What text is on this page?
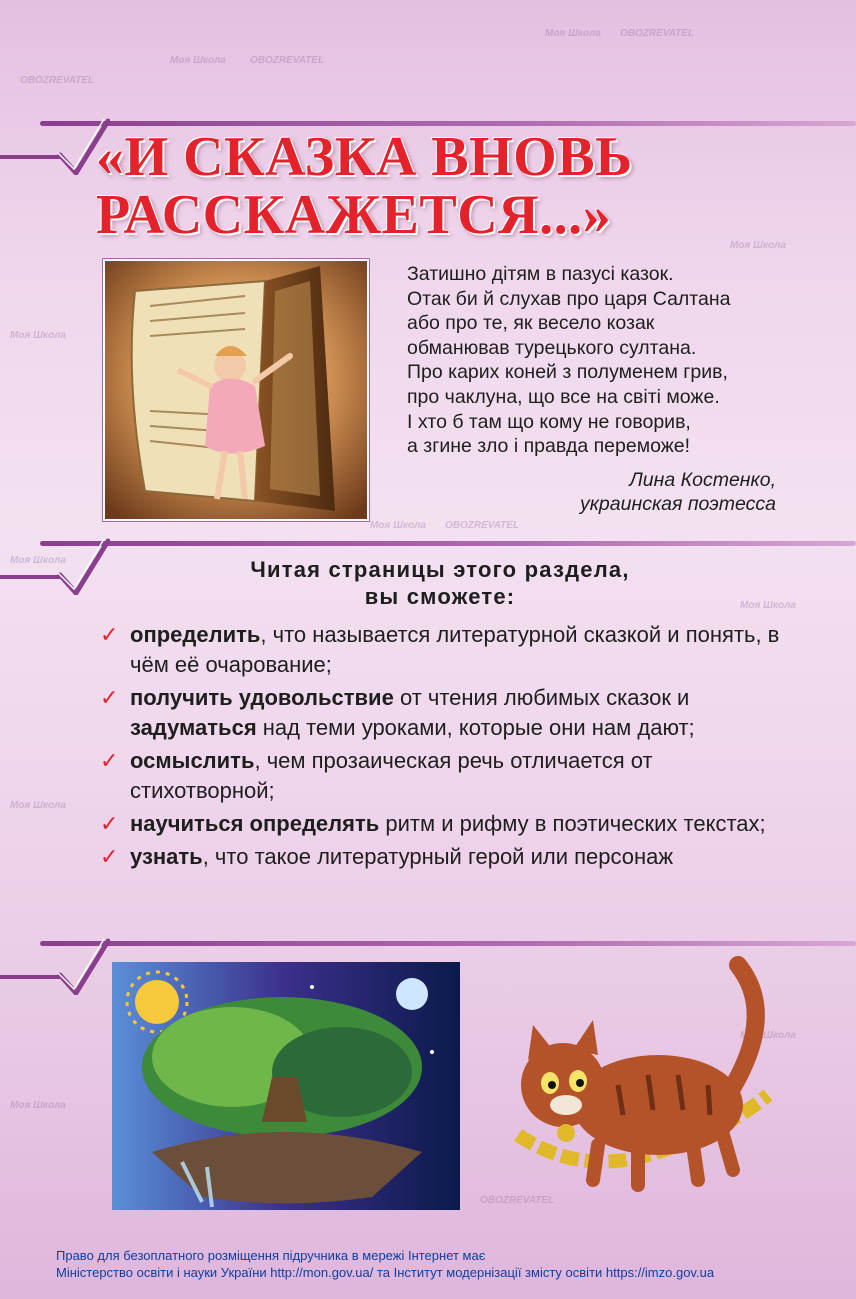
Моя Школа OBOZREVATEL
Моя Школа OBOZREVATEL
OBOZREVATEL
Моя Школа
Моя Школа
Моя Школа OBOZREVATEL
Моя Школа
Моя Школа
Моя Школа
Моя Школа
Моя Школа
OBOZREVATEL
«И СКАЗКА ВНОВЬ
РАССКАЖЕТСЯ...»
Затишно дітям в пазусі казок.
Отак би й слухав про царя Салтана
або про те, як весело козак
обманював турецького султана.
Про карих коней з полуменем грив,
про чаклуна, що все на світі може.
І хто б там що кому не говорив,
а згине зло і правда переможе!
Лина Костенко,
украинская поэтесса
Читая страницы этого раздела,
вы сможете:
✓ определить, что называется литературной сказкой и понять, в чём её очарование;
✓ получить удовольствие от чтения любимых сказок и задуматься над теми уроками, которые они нам дают;
✓ осмыслить, чем прозаическая речь отличается от стихотворной;
✓ научиться определять ритм и рифму в поэтических текстах;
✓ узнать, что такое литературный герой или персонаж
Право для безоплатного розміщення підручника в мережі Інтернет має
Міністерство освіти і науки України http://mon.gov.ua/ та Інститут модернізації змісту освіти https://imzo.gov.ua
